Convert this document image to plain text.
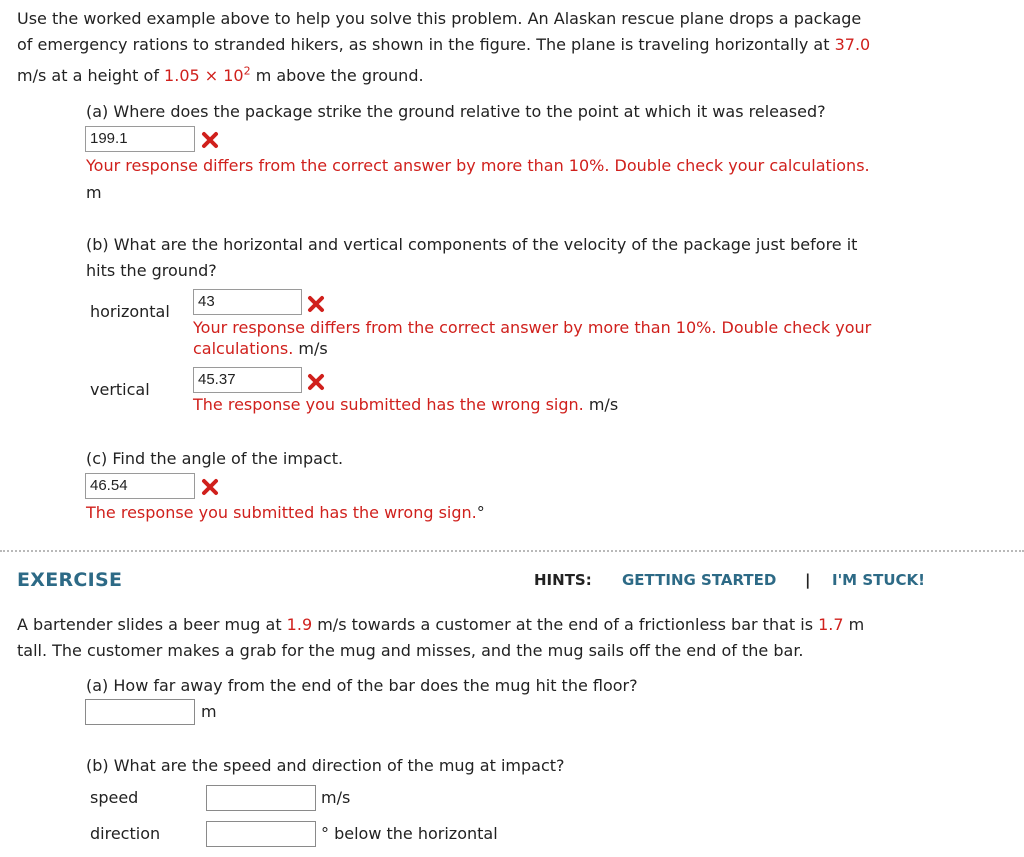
Use the worked example above to help you solve this problem. An Alaskan rescue plane drops a package
of emergency rations to stranded hikers, as shown in the figure. The plane is traveling horizontally at 37.0
m/s at a height of $1.05 \times 10^2$ m above the ground.
(a) Where does the package strike the ground relative to the point at which it was released?
199.1
Your response differs from the correct answer by more than 10%. Double check your calculations.
m
(b) What are the horizontal and vertical components of the velocity of the package just before it
hits the ground?
horizontal
43
Your response differs from the correct answer by more than 10%. Double check your
calculations. m/s
vertical
45.37
The response you submitted has the wrong sign. m/s
(c) Find the angle of the impact.
46.54
The response you submitted has the wrong sign.°
EXERCISE	HINTS: GETTING STARTED | I'M STUCK!
A bartender slides a beer mug at 1.9 m/s towards a customer at the end of a frictionless bar that is 1.7 m
tall. The customer makes a grab for the mug and misses, and the mug sails off the end of the bar.
(a) How far away from the end of the bar does the mug hit the floor?
m
(b) What are the speed and direction of the mug at impact?
speed	m/s
direction	° below the horizontal
